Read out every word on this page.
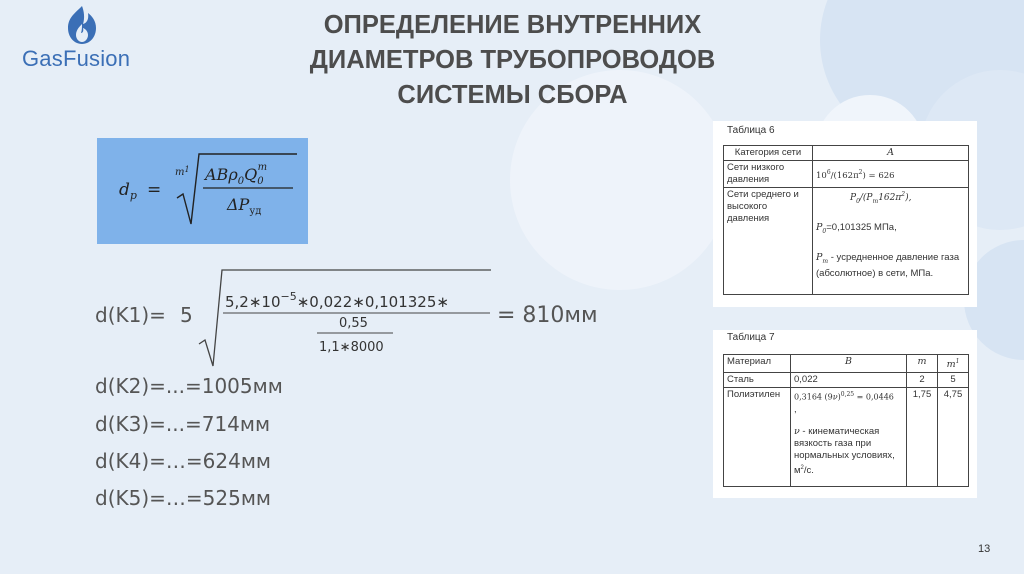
GasFusion
ОПРЕДЕЛЕНИЕ ВНУТРЕННИХ
ДИАМЕТРОВ ТРУБОПРОВОДОВ
СИСТЕМЫ СБОРА
$d_р$ =
$m^1$ $AB\rho_0Q_0m$
$\Delta P_{уд}$
d(K1)= 5
$5,2∗10^{-5}∗0,022∗0,101325∗$
0,55
1,1∗8000
= 810мм
d(K2)=...=1005мм
d(K3)=...=714мм
d(K4)=…=624мм
d(K5)=…=525мм
Таблица 6
Категория сети	A
Сети низкого давления	$10^6/(162\pi^2) = 626$
Сети среднего и высокого давления	$P_0/(P_m162\pi^2)$,
$P_0=0,101325$ МПа,
$P_m$ - усредненное давление газа (абсолютное) в сети, МПа.
Таблица 7
Материал	B	m	$m^1$
Сталь	0,022	2	5
Полиэтилен	0,3164 $(9\nu)^{0,25} = 0,0446$
,
ν - кинематическая вязкость газа при нормальных условиях, $м^2/с$.	1,75	4,75
13
